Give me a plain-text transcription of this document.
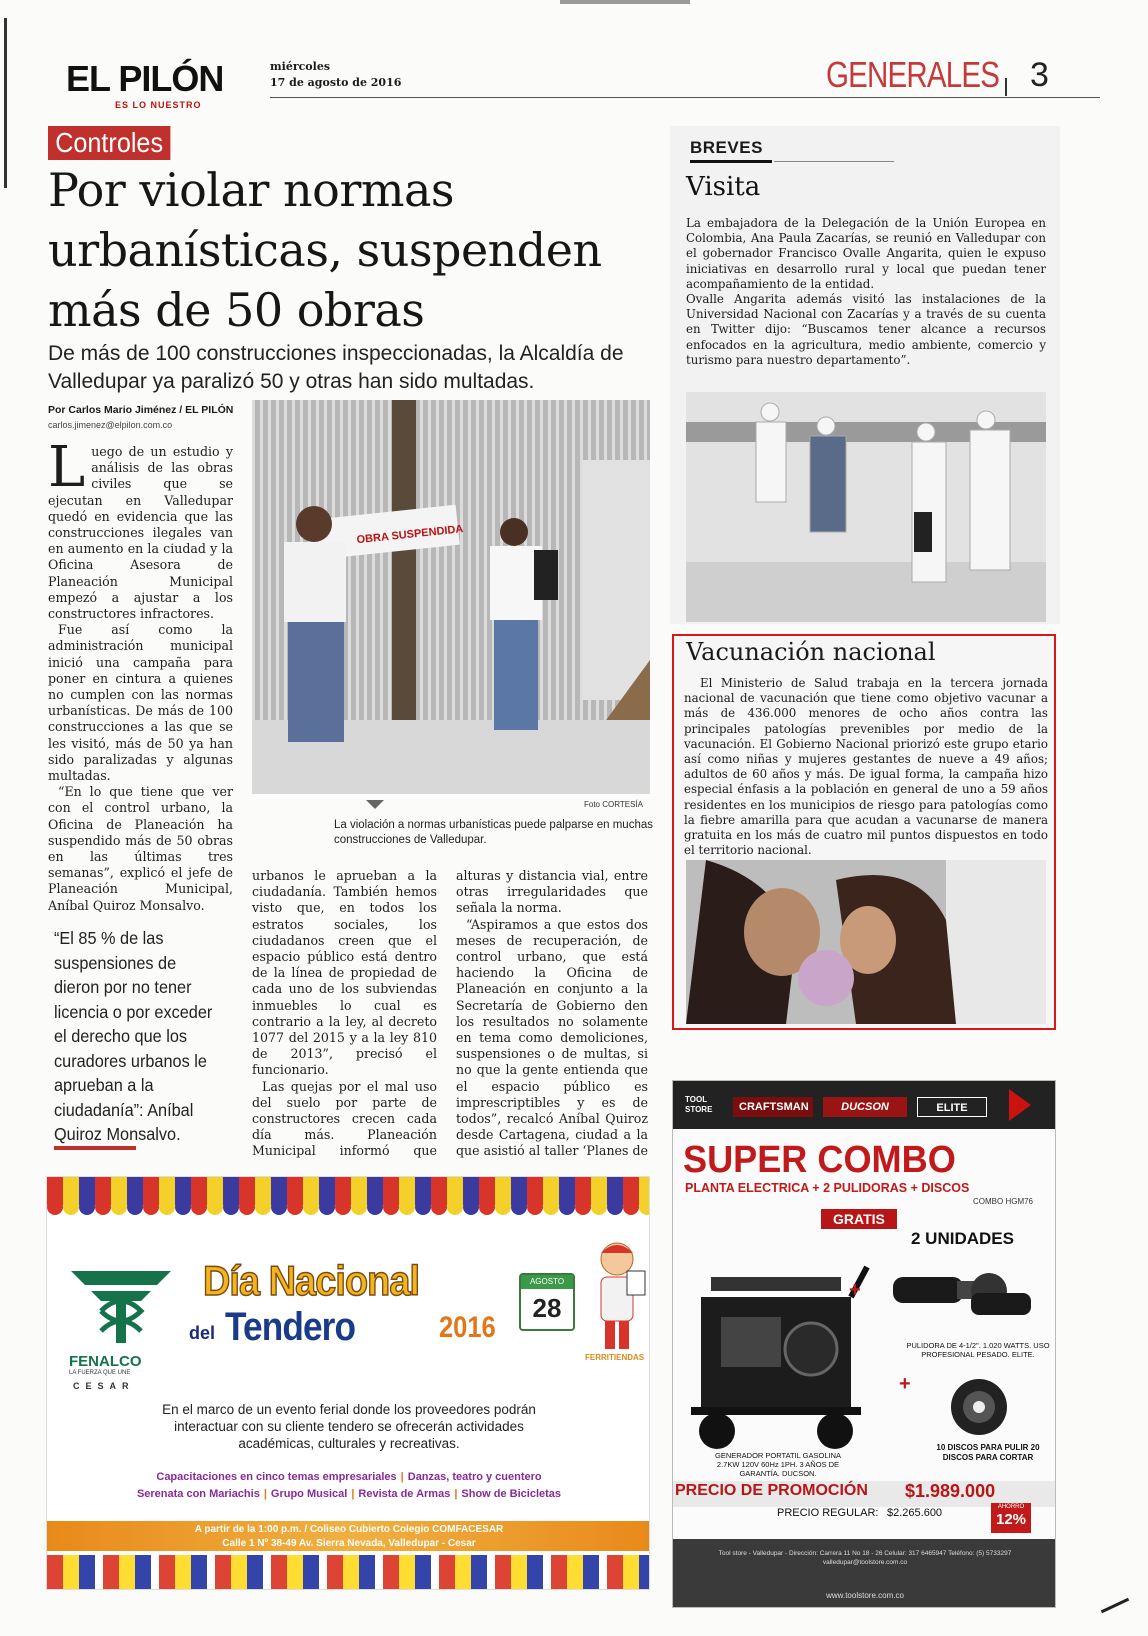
EL PILÓN
ES LO NUESTRO
miércoles
17 de agosto de 2016	GENERALES 3
Controles
Por violar normas urbanísticas, suspenden más de 50 obras
De más de 100 construcciones inspeccionadas, la Alcaldía de Valledupar ya paralizó 50 y otras han sido multadas.
Por Carlos Mario Jiménez / EL PILÓN
carlos.jimenez@elpilon.com.co

Luego de un estudio y análisis de las obras civiles que se ejecutan en Valledupar quedó en evidencia que las construcciones ilegales van en aumento en la ciudad y la Oficina Asesora de Planeación Municipal empezó a ajustar a los constructores infractores.

Fue así como la administración municipal inició una campaña para poner en cintura a quienes no cumplen con las normas urbanísticas. De más de 100 construcciones a las que se les visitó, más de 50 ya han sido paralizadas y algunas multadas.

“En lo que tiene que ver con el control urbano, la Oficina de Planeación ha suspendido más de 50 obras en las últimas tres semanas”, explicó el jefe de Planeación Municipal, Aníbal Quiroz Monsalvo.

“El 85 % de las suspensiones de dieron por no tener licencia o por exceder el derecho que los curadores urbanos le aprueban a la ciudadanía”: Aníbal Quiroz Monsalvo.
OBRA SUSPENDIDA
Foto CORTESÍA
La violación a normas urbanísticas puede palparse en muchas construcciones de Valledupar.

urbanos le aprueban a la ciudadanía. También hemos visto que, en todos los estratos sociales, los ciudadanos creen que el espacio público está dentro de la línea de propiedad de cada uno de los subviendas inmuebles lo cual es contrario a la ley, al decreto 1077 del 2015 y a la ley 810 de 2013”, precisó el funcionario.

Las quejas por el mal uso del suelo por parte de constructores crecen cada día más. Planeación Municipal informó que

alturas y distancia vial, entre otras irregularidades que señala la norma.

“Aspiramos a que estos dos meses de recuperación, de control urbano, que está haciendo la Oficina de Planeación en conjunto a la Secretaría de Gobierno den los resultados no solamente en tema como demoliciones, suspensiones o de multas, si no que la gente entienda que el espacio público es imprescriptibles y es de todos”, recalcó Aníbal Quiroz desde Cartagena, ciudad a la que asistió al taller ‘Planes de

BREVES
Visita

La embajadora de la Delegación de la Unión Europea en Colombia, Ana Paula Zacarías, se reunió en Valledupar con el gobernador Francisco Ovalle Angarita, quien le expuso iniciativas en desarrollo rural y local que puedan tener acompañamiento de la entidad.

Ovalle Angarita además visitó las instalaciones de la Universidad Nacional con Zacarías y a través de su cuenta en Twitter dijo: “Buscamos tener alcance a recursos enfocados en la agricultura, medio ambiente, comercio y turismo para nuestro departamento”.

Vacunación nacional

El Ministerio de Salud trabaja en la tercera jornada nacional de vacunación que tiene como objetivo vacunar a más de 436.000 menores de ocho años contra las principales patologías prevenibles por medio de la vacunación. El Gobierno Nacional priorizó este grupo etario así como niñas y mujeres gestantes de nueve a 49 años; adultos de 60 años y más. De igual forma, la campaña hizo especial énfasis a la población en general de uno a 59 años residentes en los municipios de riesgo para patologías como la fiebre amarilla para que acudan a vacunarse de manera gratuita en los más de cuatro mil puntos dispuestos en todo el territorio nacional.

FENALCO
LA FUERZA QUE UNE
CESAR
Día Nacional
del Tendero	2016
AGOSTO
28
FERRITIENDAS
En el marco de un evento ferial donde los proveedores podrán interactuar con su cliente tendero se ofrecerán actividades académicas, culturales y recreativas.
Capacitaciones en cinco temas empresariales | Danzas, teatro y cuentero
Serenata con Mariachis | Grupo Musical | Revista de Armas | Show de Bicicletas
A partir de la 1:00 p.m. / Coliseo Cubierto Colegio COMFACESAR
Calle 1 Nº 38-49 Av. Sierra Nevada, Valledupar - Cesar
TOOL STORE	CRAFTSMAN	DUCSON	ELITE
SUPER COMBO
PLANTA ELECTRICA + 2 PULIDORAS + DISCOS
COMBO HGM76
GRATIS
2 UNIDADES
+
+
PULIDORA DE 4-1/2". 1.020 WATTS. USO PROFESIONAL PESADO. ELITE.
10 DISCOS PARA PULIR 20 DISCOS PARA CORTAR
GENERADOR PORTATIL GASOLINA 2.7KW 120V 60Hz 1PH. 3 AÑOS DE GARANTÍA. DUCSON.
PRECIO DE PROMOCIÓN $1.989.000
PRECIO REGULAR: $2.265.600	AHORRO
12%
Tool store - Valledupar - Dirección: Carrera 11 No 18 - 26 Celular: 317 6465947 Teléfono: (5) 5733297 valledupar@toolstore.com.co
www.toolstore.com.co
